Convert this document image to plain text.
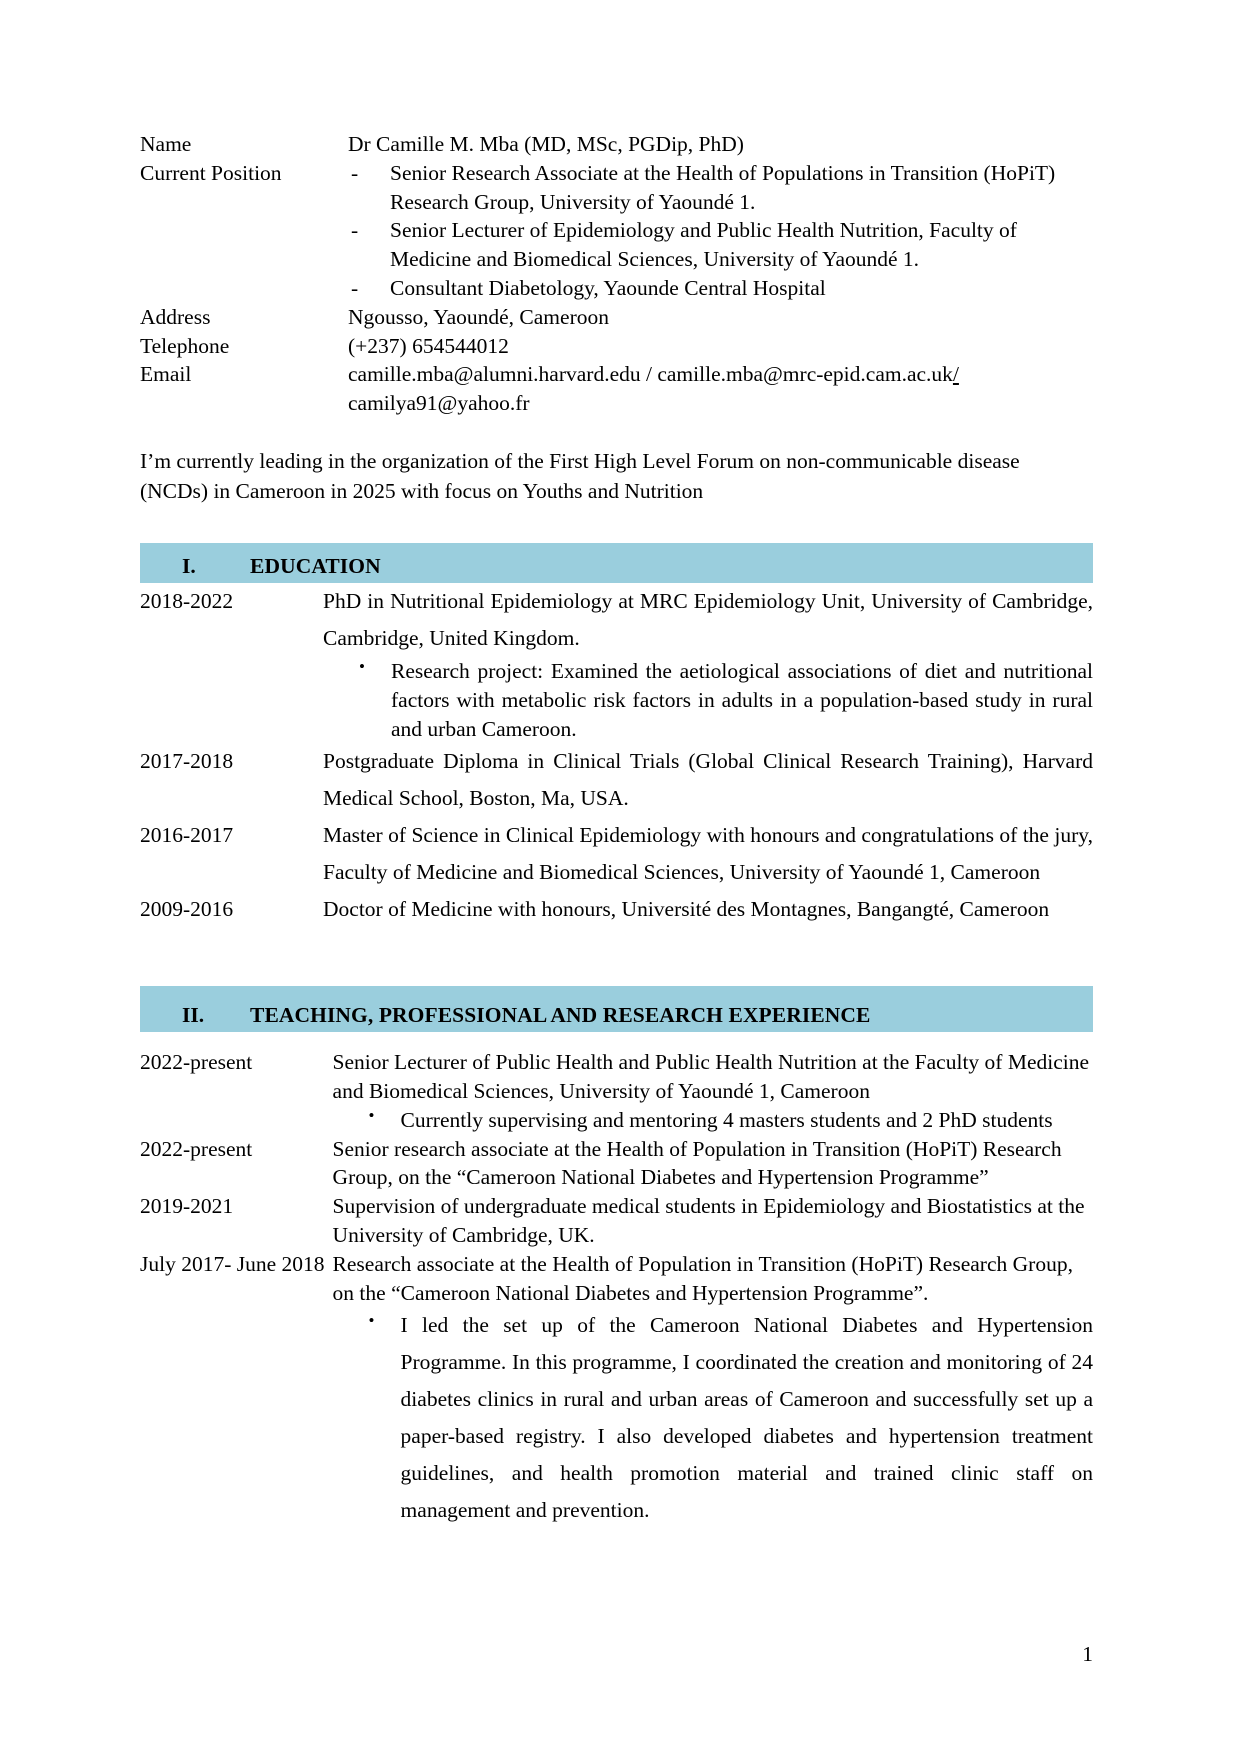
Name	Dr Camille M. Mba (MD, MSc, PGDip, PhD)
Current Position	- Senior Research Associate at the Health of Populations in Transition (HoPiT) Research Group, University of Yaoundé 1.
- Senior Lecturer of Epidemiology and Public Health Nutrition, Faculty of Medicine and Biomedical Sciences, University of Yaoundé 1.
- Consultant Diabetology, Yaounde Central Hospital

Address	Ngousso, Yaoundé, Cameroon
Telephone	(+237) 654544012
Email	camille.mba@alumni.harvard.edu / camille.mba@mrc-epid.cam.ac.uk/
camilya91@yahoo.fr
I’m currently leading in the organization of the First High Level Forum on non-communicable disease (NCDs) in Cameroon in 2025 with focus on Youths and Nutrition
I.	EDUCATION
2018-2022	PhD in Nutritional Epidemiology at MRC Epidemiology Unit, University of Cambridge, Cambridge, United Kingdom.
• Research project: Examined the aetiological associations of diet and nutritional factors with metabolic risk factors in adults in a population-based study in rural and urban Cameroon.

2017-2018	Postgraduate Diploma in Clinical Trials (Global Clinical Research Training), Harvard Medical School, Boston, Ma, USA.
2016-2017	Master of Science in Clinical Epidemiology with honours and congratulations of the jury, Faculty of Medicine and Biomedical Sciences, University of Yaoundé 1, Cameroon
2009-2016	Doctor of Medicine with honours, Université des Montagnes, Bangangté, Cameroon
II.	TEACHING, PROFESSIONAL AND RESEARCH EXPERIENCE
2022-present	Senior Lecturer of Public Health and Public Health Nutrition at the Faculty of Medicine and Biomedical Sciences, University of Yaoundé 1, Cameroon
• Currently supervising and mentoring 4 masters students and 2 PhD students

2022-present	Senior research associate at the Health of Population in Transition (HoPiT) Research Group, on the “Cameroon National Diabetes and Hypertension Programme”
2019-2021	Supervision of undergraduate medical students in Epidemiology and Biostatistics at the University of Cambridge, UK.
July 2017- June 2018	Research associate at the Health of Population in Transition (HoPiT) Research Group, on the “Cameroon National Diabetes and Hypertension Programme”.
• I led the set up of the Cameroon National Diabetes and Hypertension Programme. In this programme, I coordinated the creation and monitoring of 24 diabetes clinics in rural and urban areas of Cameroon and successfully set up a paper-based registry. I also developed diabetes and hypertension treatment guidelines, and health promotion material and trained clinic staff on management and prevention.
1
